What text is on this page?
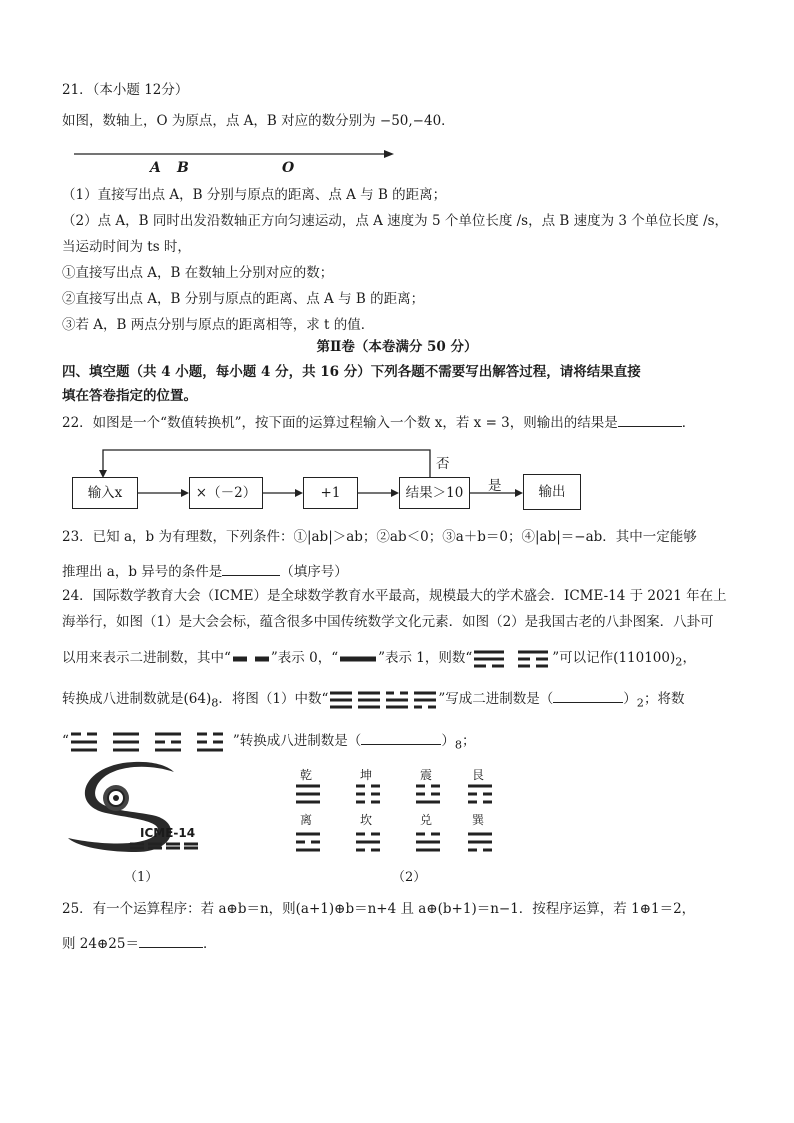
21．（本小题 12分）
如图，数轴上，O 为原点，点 A，B 对应的数分别为 −50,−40．
A B	O
（1）直接写出点 A，B 分别与原点的距离、点 A 与 B 的距离；
（2）点 A，B 同时出发沿数轴正方向匀速运动，点 A 速度为 5 个单位长度 /s，点 B 速度为 3 个单位长度 /s，
当运动时间为 ts 时，
①直接写出点 A，B 在数轴上分别对应的数；
②直接写出点 A，B 分别与原点的距离、点 A 与 B 的距离；
③若 A，B 两点分别与原点的距离相等，求 t 的值．
第Ⅱ卷（本卷满分 50 分）
四、填空题（共 4 小题，每小题 4 分，共 16 分）下列各题不需要写出解答过程，请将结果直接
填在答卷指定的位置。
22．如图是一个“数值转换机”，按下面的运算过程输入一个数 x，若 x = 3，则输出的结果是	．
输入x	×（－2）	+1	结果＞10	输出
否
是
23．已知 a，b 为有理数，下列条件：①|ab|＞ab；②ab＜0；③a＋b＝0；④|ab|＝−ab．其中一定能够
推理出 a，b 异号的条件是	（填序号）
24．国际数学教育大会（ICME）是全球数学教育水平最高，规模最大的学术盛会．ICME-14 于 2021 年在上
海举行，如图（1）是大会会标，蕴含很多中国传统数学文化元素．如图（2）是我国古老的八卦图案．八卦可
以用来表示二进制数，其中“	”表示 0，“	”表示 1，则数“	”可以记作$(110100)_2$，
转换成八进制数就是$(64)_8$．将图（1）中数“	”写成二进制数是（	）$_2$；将数
“	”转换成八进制数是（	）$_8$；
ICME-14
（1）
乾	坤	震	艮
离	坎	兑	巽
（2）
25．有一个运算程序：若 a⊕b＝n，则(a+1)⊕b＝n+4 且 a⊕(b+1)＝n−1．按程序运算，若 1⊕1＝2，
则 24⊕25＝	．
